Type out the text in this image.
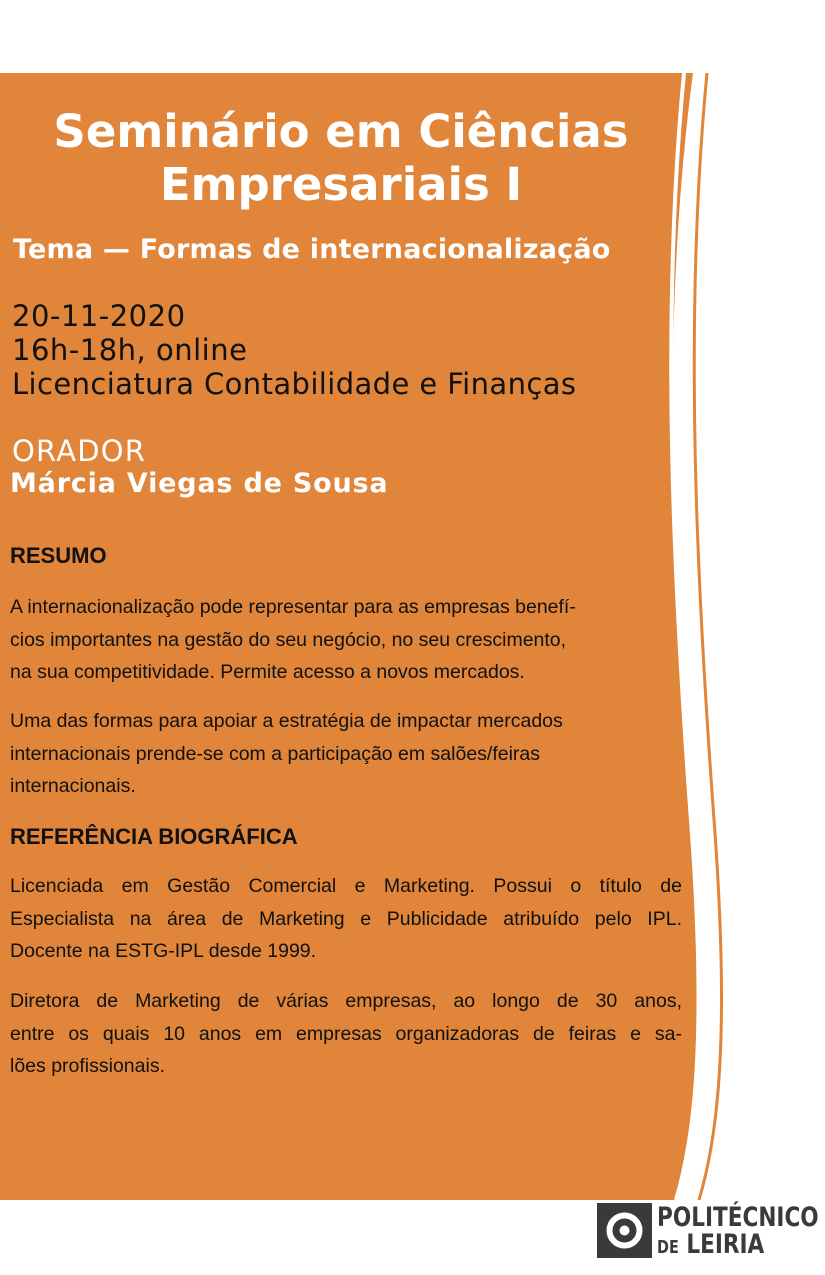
Seminário em Ciências
Empresariais I
Tema — Formas de internacionalização
20-11-2020
16h-18h, online
Licenciatura Contabilidade e Finanças
ORADOR
Márcia Viegas de Sousa
RESUMO
A internacionalização pode representar para as empresas benefí-
cios importantes na gestão do seu negócio, no seu crescimento,
na sua competitividade. Permite acesso a novos mercados.
Uma das formas para apoiar a estratégia de impactar mercados
internacionais prende-se com a participação em salões/feiras
internacionais.
REFERÊNCIA BIOGRÁFICA
Licenciada em Gestão Comercial e Marketing. Possui o título de
Especialista na área de Marketing e Publicidade atribuído pelo IPL.
Docente na ESTG-IPL desde 1999.
Diretora de Marketing de várias empresas, ao longo de 30 anos,
entre os quais 10 anos em empresas organizadoras de feiras e sa-
lões profissionais.
POLITÉCNICO
DE LEIRIA
